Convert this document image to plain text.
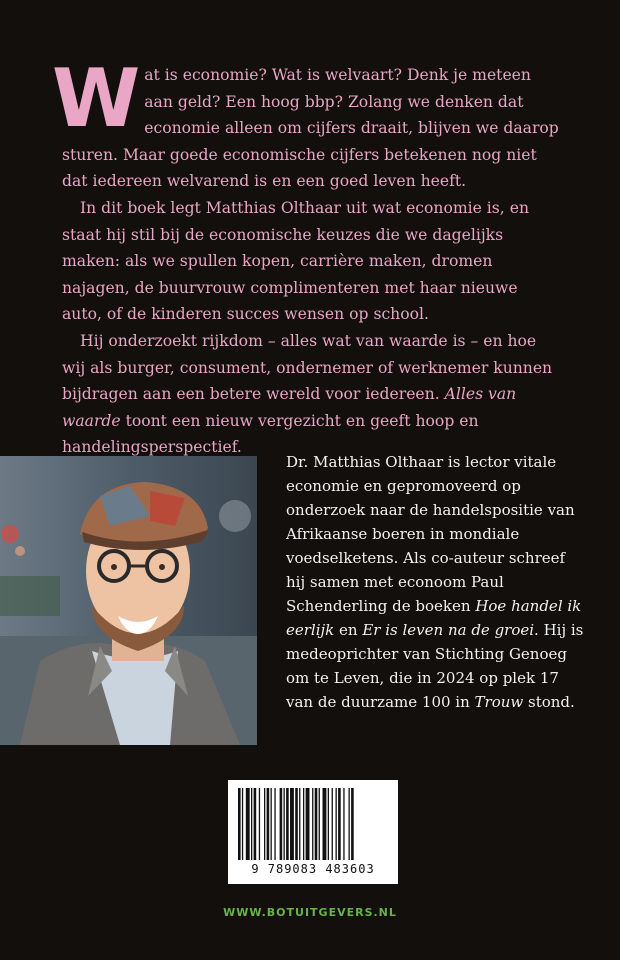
Wat is economie? Wat is welvaart? Denk je meteen aan geld? Een hoog bbp? Zolang we denken dat economie alleen om cijfers draait, blijven we daarop sturen. Maar goede economische cijfers betekenen nog niet dat iedereen welvarend is en een goed leven heeft.

In dit boek legt Matthias Olthaar uit wat economie is, en staat hij stil bij de economische keuzes die we dagelijks maken: als we spullen kopen, carrière maken, dromen najagen, de buurvrouw complimenteren met haar nieuwe auto, of de kinderen succes wensen op school.

Hij onderzoekt rijkdom – alles wat van waarde is – en hoe wij als burger, consument, ondernemer of werknemer kunnen bijdragen aan een betere wereld voor iedereen. Alles van waarde toont een nieuw vergezicht en geeft hoop en handelingsperspectief.

Dr. Matthias Olthaar is lector vitale economie en gepromoveerd op onderzoek naar de handelspositie van Afrikaanse boeren in mondiale voedselketens. Als co-auteur schreef hij samen met econoom Paul Schenderling de boeken Hoe handel ik eerlijk en Er is leven na de groei. Hij is medeoprichter van Stichting Genoeg om te Leven, die in 2024 op plek 17 van de duurzame 100 in Trouw stond.
9 789083 483603
WWW.BOTUITGEVERS.NL
